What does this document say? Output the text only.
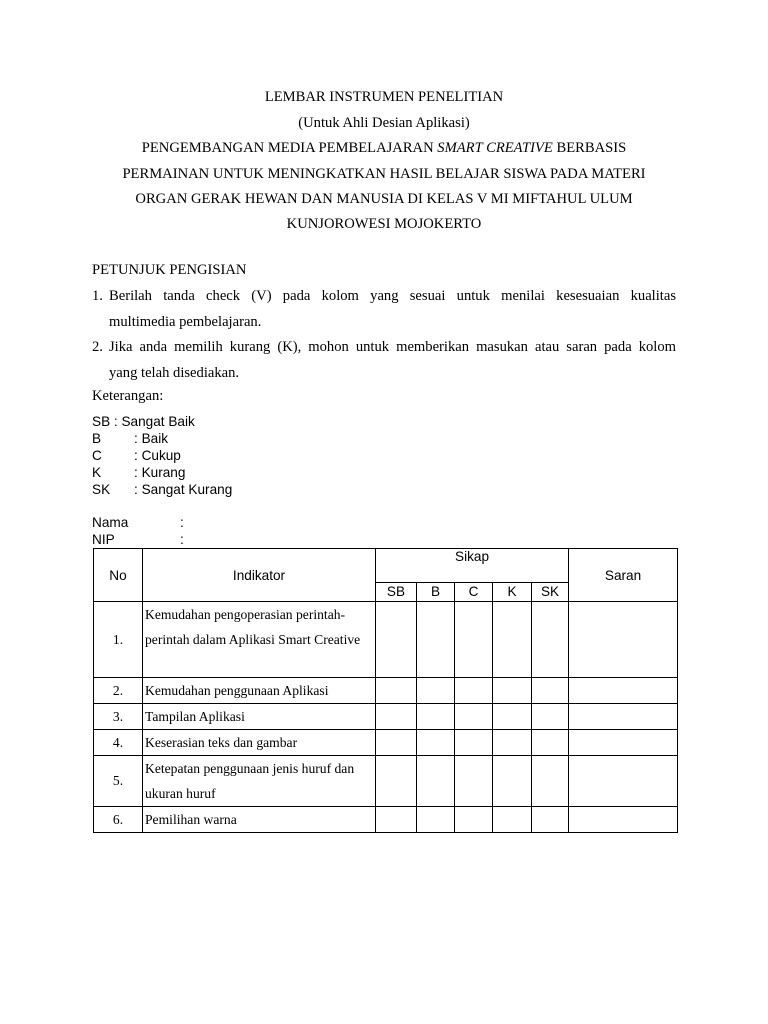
LEMBAR INSTRUMEN PENELITIAN
(Untuk Ahli Desian Aplikasi)
PENGEMBANGAN MEDIA PEMBELAJARAN SMART CREATIVE BERBASIS
PERMAINAN UNTUK MENINGKATKAN HASIL BELAJAR SISWA PADA MATERI
ORGAN GERAK HEWAN DAN MANUSIA DI KELAS V MI MIFTAHUL ULUM
KUNJOROWESI MOJOKERTO
PETUNJUK PENGISIAN
1. Berilah tanda check (V) pada kolom yang sesuai untuk menilai kesesuaian kualitas
multimedia pembelajaran.
2. Jika anda memilih kurang (K), mohon untuk memberikan masukan atau saran pada kolom
yang telah disediakan.
Keterangan:
SB : Sangat Baik
B : Baik
C : Cukup
K : Kurang
SK : Sangat Kurang
Nama	:
NIP	:
No	Indikator	Sikap					Saran
		SB	B	C	K	SK	
1.	Kemudahan pengoperasian perintah-perintah dalam Aplikasi Smart Creative						
2.	Kemudahan penggunaan Aplikasi						
3.	Tampilan Aplikasi						
4.	Keserasian teks dan gambar						
5.	Ketepatan penggunaan jenis huruf dan ukuran huruf						
6.	Pemilihan warna						
